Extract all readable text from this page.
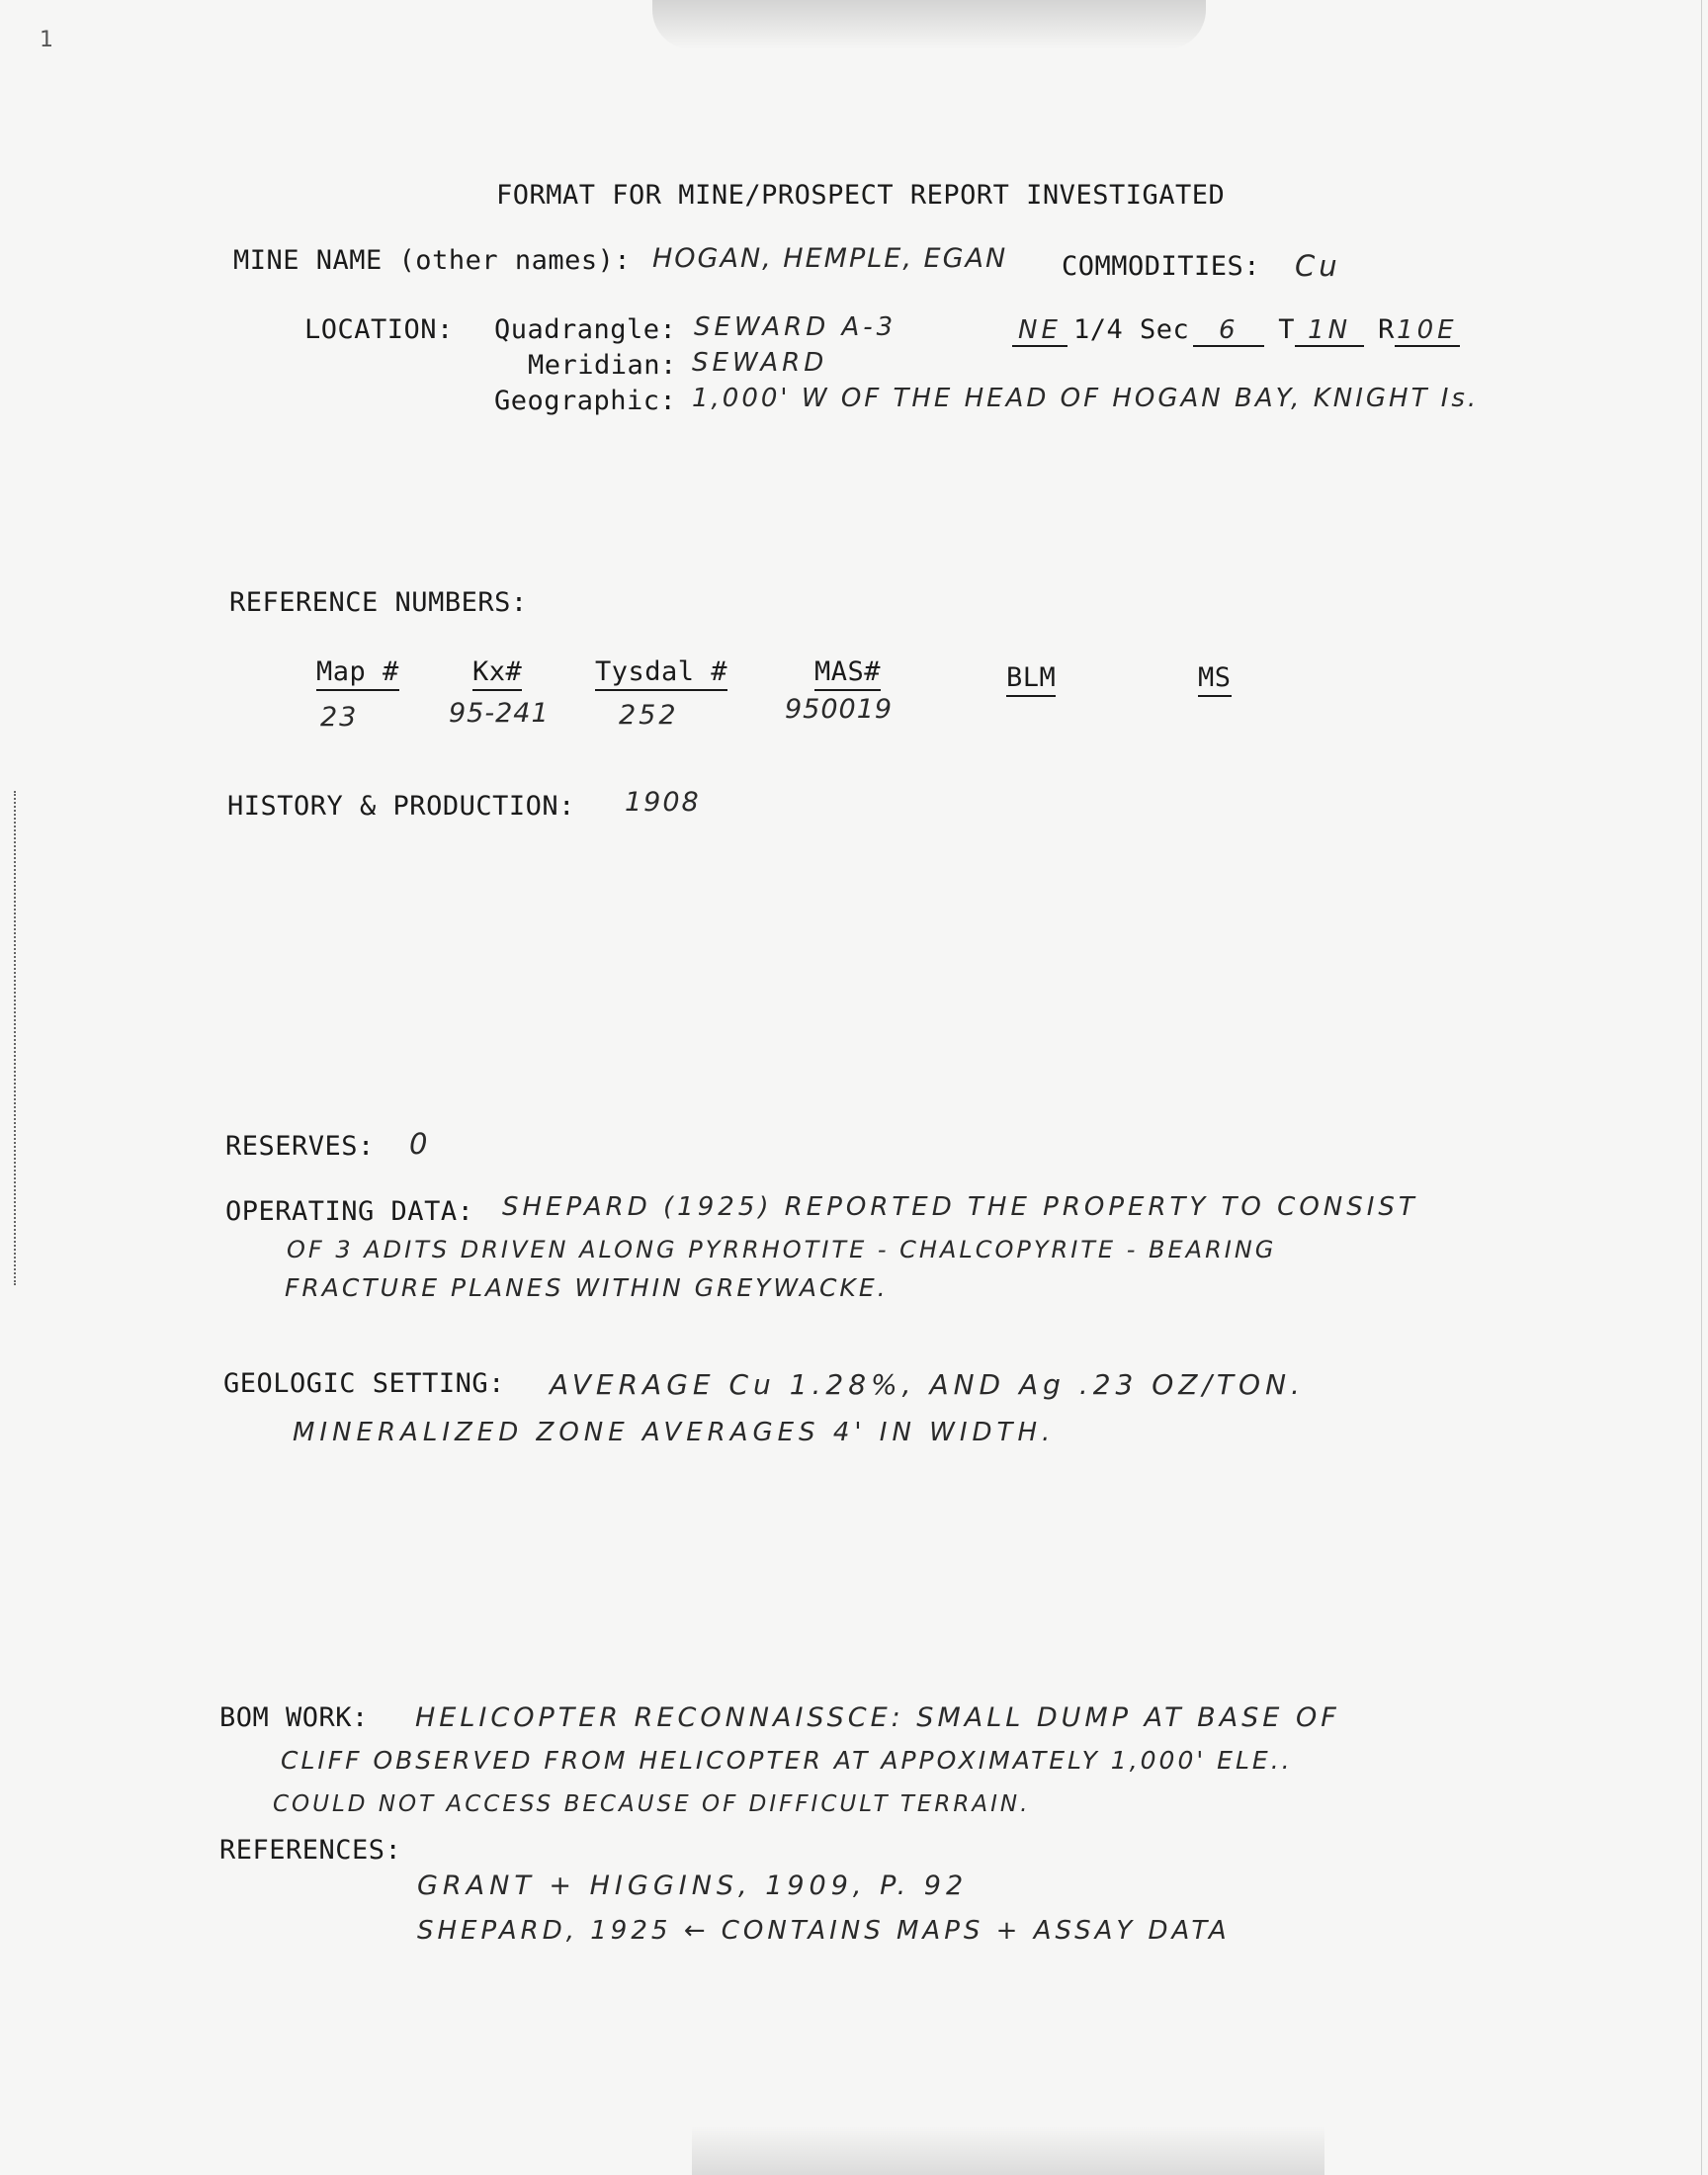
1
FORMAT FOR MINE/PROSPECT REPORT INVESTIGATED
MINE NAME (other names): HOGAN, HEMPLE, EGAN COMMODITIES: Cu
LOCATION: Quadrangle: SEWARD A-3	NE 1/4 Sec 6 T 1N R10E
Meridian: SEWARD
Geographic: 1,000' W OF THE HEAD OF HOGAN BAY, KNIGHT Is.
REFERENCE NUMBERS:
Map #	Kx#	Tysdal #	MAS#	BLM	MS
23	95-241	252	950019
HISTORY & PRODUCTION: 1908
RESERVES: 0
OPERATING DATA: SHEPARD (1925) REPORTED THE PROPERTY TO CONSIST
OF 3 ADITS DRIVEN ALONG PYRRHOTITE - CHALCOPYRITE - BEARING
FRACTURE PLANES WITHIN GREYWACKE.
GEOLOGIC SETTING: AVERAGE Cu 1.28%, AND Ag .23 OZ/TON.
MINERALIZED ZONE AVERAGES 4' IN WIDTH.
BOM WORK: HELICOPTER RECONNAISSCE: SMALL DUMP AT BASE OF
CLIFF OBSERVED FROM HELICOPTER AT APPOXIMATELY 1,000' ELE..
COULD NOT ACCESS BECAUSE OF DIFFICULT TERRAIN.
REFERENCES:
GRANT + HIGGINS, 1909, P. 92
SHEPARD, 1925 ← CONTAINS MAPS + ASSAY DATA
